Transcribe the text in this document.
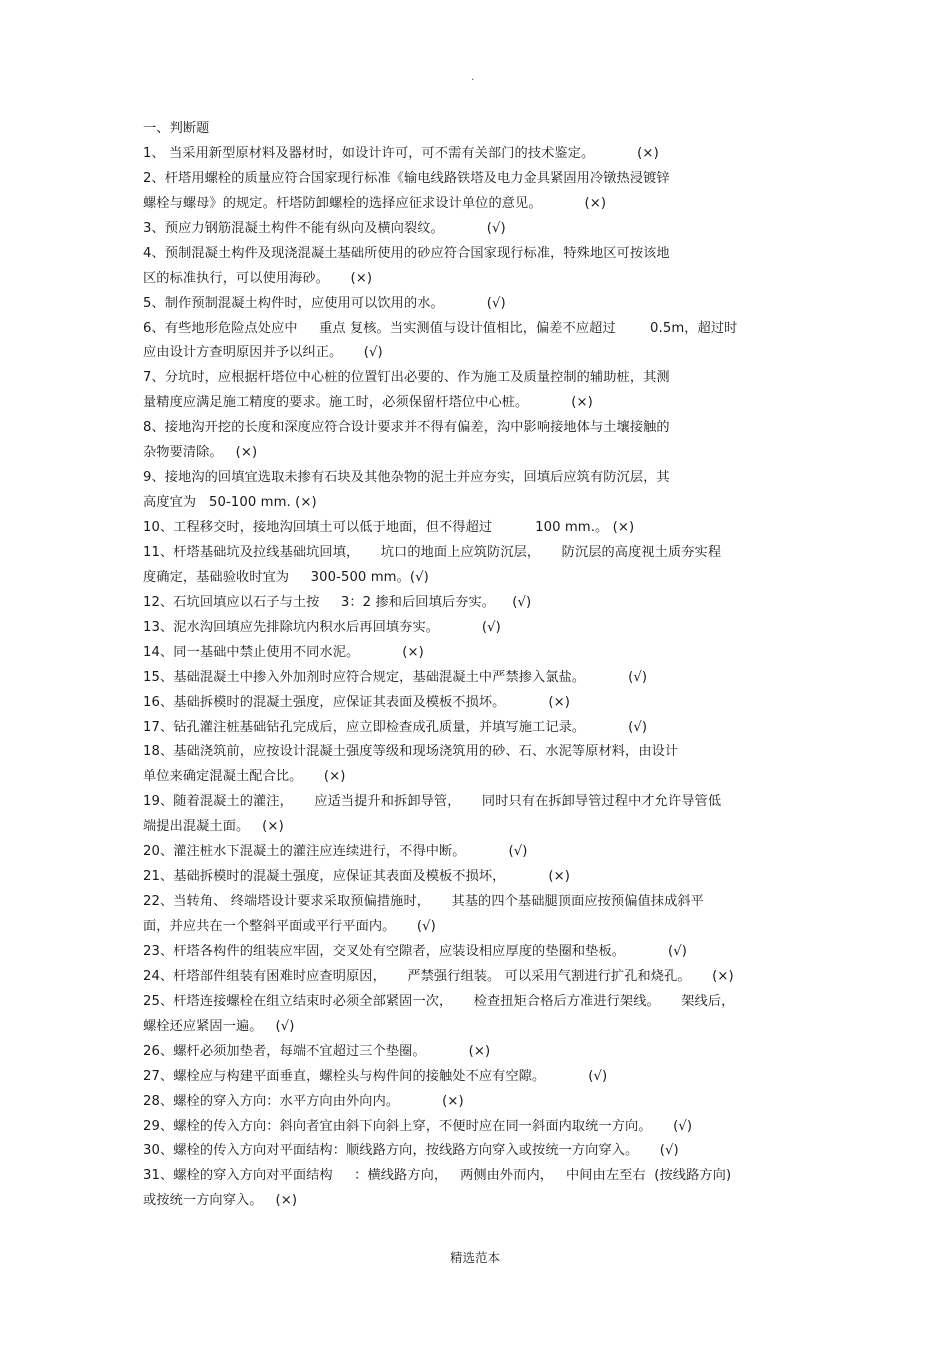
.
一、判断题
1、 当采用新型原材料及器材时，如设计许可，可不需有关部门的技术鉴定。          (×)
2、杆塔用螺栓的质量应符合国家现行标准《输电线路铁塔及电力金具紧固用冷镦热浸镀锌
螺栓与螺母》的规定。杆塔防卸螺栓的选择应征求设计单位的意见。          (×)
3、预应力钢筋混凝土构件不能有纵向及横向裂纹。          (√)
4、预制混凝土构件及现浇混凝土基础所使用的砂应符合国家现行标准，特殊地区可按该地
区的标准执行，可以使用海砂。     (×)
5、制作预制混凝土构件时，应使用可以饮用的水。          (√)
6、有些地形危险点处应中     重点 复核。当实测值与设计值相比，偏差不应超过        0.5m，超过时
应由设计方查明原因并予以纠正。     (√)
7、分坑时，应根据杆塔位中心桩的位置钉出必要的、作为施工及质量控制的辅助桩，其测
量精度应满足施工精度的要求。施工时，必须保留杆塔位中心桩。          (×)
8、接地沟开挖的长度和深度应符合设计要求并不得有偏差，沟中影响接地体与土壤接触的
杂物要清除。   (×)
9、接地沟的回填宜选取未掺有石块及其他杂物的泥土并应夯实，回填后应筑有防沉层，其
高度宜为   50-100 mm. (×)
10、工程移交时，接地沟回填土可以低于地面，但不得超过          100 mm.。 (×)
11、杆塔基础坑及拉线基础坑回填，     坑口的地面上应筑防沉层，     防沉层的高度视土质夯实程
度确定，基础验收时宜为     300-500 mm。(√)
12、石坑回填应以石子与土按     3：2 掺和后回填后夯实。    (√)
13、泥水沟回填应先排除坑内积水后再回填夯实。          (√)
14、同一基础中禁止使用不同水泥。          (×)
15、基础混凝土中掺入外加剂时应符合规定，基础混凝土中严禁掺入氯盐。          (√)
16、基础拆模时的混凝土强度，应保证其表面及模板不损坏。          (×)
17、钻孔灌注桩基础钻孔完成后，应立即检查成孔质量，并填写施工记录。          (√)
18、基础浇筑前，应按设计混凝土强度等级和现场浇筑用的砂、石、水泥等原材料，由设计
单位来确定混凝土配合比。     (×)
19、随着混凝土的灌注，     应适当提升和拆卸导管，     同时只有在拆卸导管过程中才允许导管低
端提出混凝土面。   (×)
20、灌注桩水下混凝土的灌注应连续进行，不得中断。          (√)
21、基础拆模时的混凝土强度，应保证其表面及模板不损坏，          (×)
22、当转角、 终端塔设计要求采取预偏措施时，     其基的四个基础腿顶面应按预偏值抹成斜平
面，并应共在一个整斜平面或平行平面内。     (√)
23、杆塔各构件的组装应牢固，交叉处有空隙者，应装设相应厚度的垫圈和垫板。          (√)
24、杆塔部件组装有困难时应查明原因，     严禁强行组装。 可以采用气割进行扩孔和烧孔。     (×)
25、杆塔连接螺栓在组立结束时必须全部紧固一次，     检查扭矩合格后方准进行架线。     架线后，
螺栓还应紧固一遍。   (√)
26、螺杆必须加垫者，每端不宜超过三个垫圈。          (×)
27、螺栓应与构建平面垂直，螺栓头与构件间的接触处不应有空隙。          (√)
28、螺栓的穿入方向：水平方向由外向内。          (×)
29、螺栓的传入方向：斜向者宜由斜下向斜上穿，不便时应在同一斜面内取统一方向。     (√)
30、螺栓的传入方向对平面结构：顺线路方向，按线路方向穿入或按统一方向穿入。     (√)
31、螺栓的穿入方向对平面结构     ：横线路方向，   两侧由外而内，   中间由左至右  (按线路方向)
或按统一方向穿入。   (×)
精选范本
